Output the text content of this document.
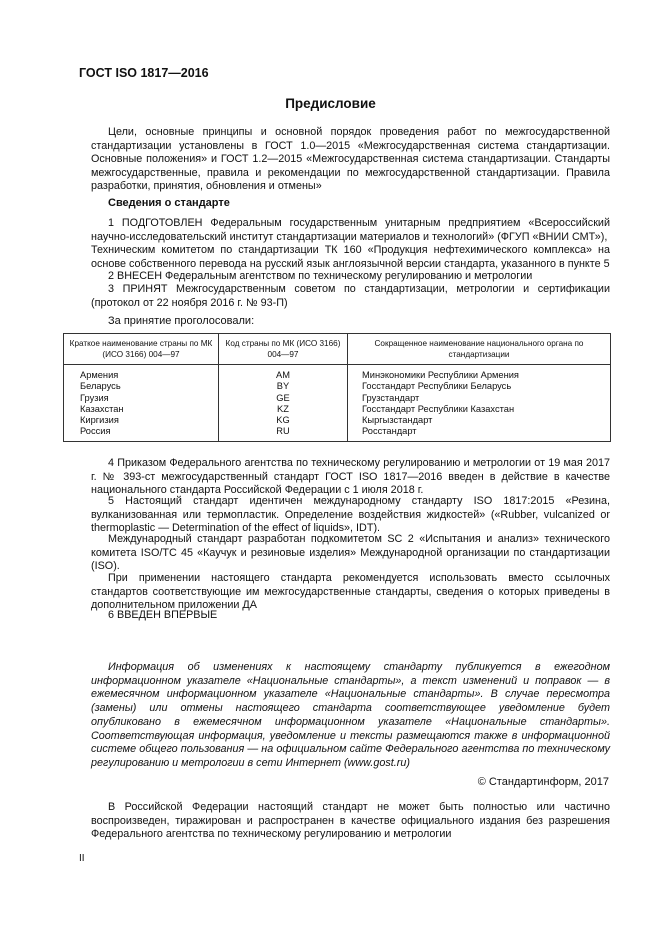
ГОСТ ISO 1817—2016
Предисловие

Цели, основные принципы и основной порядок проведения работ по межгосударственной стандартизации установлены в ГОСТ 1.0—2015 «Межгосударственная система стандартизации. Основные положения» и ГОСТ 1.2—2015 «Межгосударственная система стандартизации. Стандарты межгосударственные, правила и рекомендации по межгосударственной стандартизации. Правила разработки, принятия, обновления и отмены»

Сведения о стандарте

1 ПОДГОТОВЛЕН Федеральным государственным унитарным предприятием «Всероссийский научно-исследовательский институт стандартизации материалов и технологий» (ФГУП «ВНИИ СМТ»),

Техническим комитетом по стандартизации ТК 160 «Продукция нефтехимического комплекса» на основе собственного перевода на русский язык англоязычной версии стандарта, указанного в пункте 5

2 ВНЕСЕН Федеральным агентством по техническому регулированию и метрологии

3 ПРИНЯТ Межгосударственным советом по стандартизации, метрологии и сертификации (протокол от 22 ноября 2016 г. № 93-П)

За принятие проголосовали:
Краткое наименование страны по МК (ИСО 3166) 004—97	Код страны по МК (ИСО 3166) 004—97	Сокращенное наименование национального органа по стандартизации
Армения	AM	Минэкономики Республики Армения
Беларусь	BY	Госстандарт Республики Беларусь
Грузия	GE	Грузстандарт
Казахстан	KZ	Госстандарт Республики Казахстан
Киргизия	KG	Кыргызстандарт
Россия	RU	Росстандарт

4 Приказом Федерального агентства по техническому регулированию и метрологии от 19 мая 2017 г. № 393-ст межгосударственный стандарт ГОСТ ISO 1817—2016 введен в действие в качестве национального стандарта Российской Федерации с 1 июля 2018 г.

5 Настоящий стандарт идентичен международному стандарту ISO 1817:2015 «Резина, вулканизованная или термопластик. Определение воздействия жидкостей» («Rubber, vulcanized or thermoplastic — Determination of the effect of liquids», IDT).

Международный стандарт разработан подкомитетом SC 2 «Испытания и анализ» технического комитета ISO/TC 45 «Каучук и резиновые изделия» Международной организации по стандартизации (ISO).

При применении настоящего стандарта рекомендуется использовать вместо ссылочных стандартов соответствующие им межгосударственные стандарты, сведения о которых приведены в дополнительном приложении ДА

6 ВВЕДЕН ВПЕРВЫЕ

Информация об изменениях к настоящему стандарту публикуется в ежегодном информационном указателе «Национальные стандарты», а текст изменений и поправок — в ежемесячном информационном указателе «Национальные стандарты». В случае пересмотра (замены) или отмены настоящего стандарта соответствующее уведомление будет опубликовано в ежемесячном информационном указателе «Национальные стандарты». Соответствующая информация, уведомление и тексты размещаются также в информационной системе общего пользования — на официальном сайте Федерального агентства по техническому регулированию и метрологии в сети Интернет (www.gost.ru)

© Стандартинформ, 2017

В Российской Федерации настоящий стандарт не может быть полностью или частично воспроизведен, тиражирован и распространен в качестве официального издания без разрешения Федерального агентства по техническому регулированию и метрологии

II
